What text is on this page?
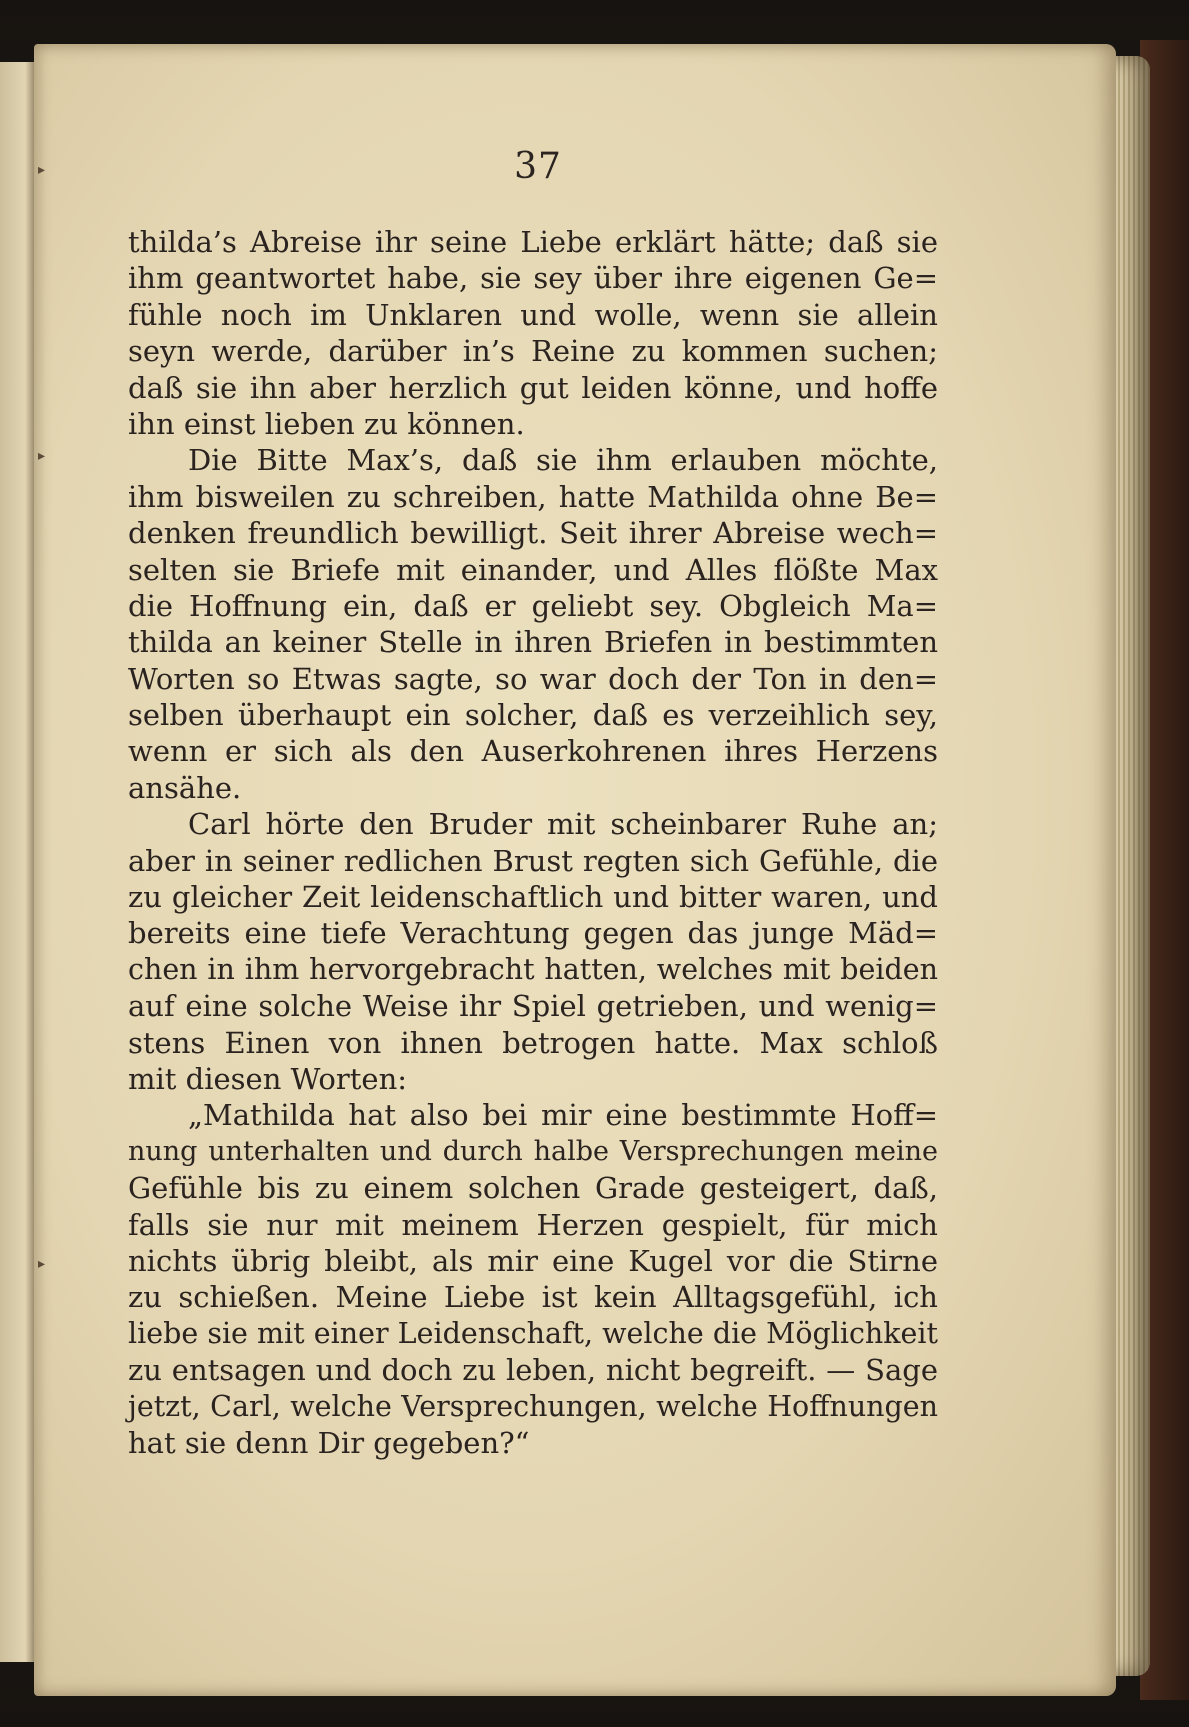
▸
▸
▸
37
thilda’s Abreise ihr seine Liebe erklärt hätte; daß sie
ihm geantwortet habe, sie sey über ihre eigenen Ge=
fühle noch im Unklaren und wolle, wenn sie allein
seyn werde, darüber in’s Reine zu kommen suchen;
daß sie ihn aber herzlich gut leiden könne, und hoffe
ihn einst lieben zu können.
Die Bitte Max’s, daß sie ihm erlauben möchte,
ihm bisweilen zu schreiben, hatte Mathilda ohne Be=
denken freundlich bewilligt. Seit ihrer Abreise wech=
selten sie Briefe mit einander, und Alles flößte Max
die Hoffnung ein, daß er geliebt sey. Obgleich Ma=
thilda an keiner Stelle in ihren Briefen in bestimmten
Worten so Etwas sagte, so war doch der Ton in den=
selben überhaupt ein solcher, daß es verzeihlich sey,
wenn er sich als den Auserkohrenen ihres Herzens
ansähe.
Carl hörte den Bruder mit scheinbarer Ruhe an;
aber in seiner redlichen Brust regten sich Gefühle, die
zu gleicher Zeit leidenschaftlich und bitter waren, und
bereits eine tiefe Verachtung gegen das junge Mäd=
chen in ihm hervorgebracht hatten, welches mit beiden
auf eine solche Weise ihr Spiel getrieben, und wenig=
stens Einen von ihnen betrogen hatte. Max schloß
mit diesen Worten:
„Mathilda hat also bei mir eine bestimmte Hoff=
nung unterhalten und durch halbe Versprechungen meine
Gefühle bis zu einem solchen Grade gesteigert, daß,
falls sie nur mit meinem Herzen gespielt, für mich
nichts übrig bleibt, als mir eine Kugel vor die Stirne
zu schießen. Meine Liebe ist kein Alltagsgefühl, ich
liebe sie mit einer Leidenschaft, welche die Möglichkeit
zu entsagen und doch zu leben, nicht begreift. — Sage
jetzt, Carl, welche Versprechungen, welche Hoffnungen
hat sie denn Dir gegeben?“
